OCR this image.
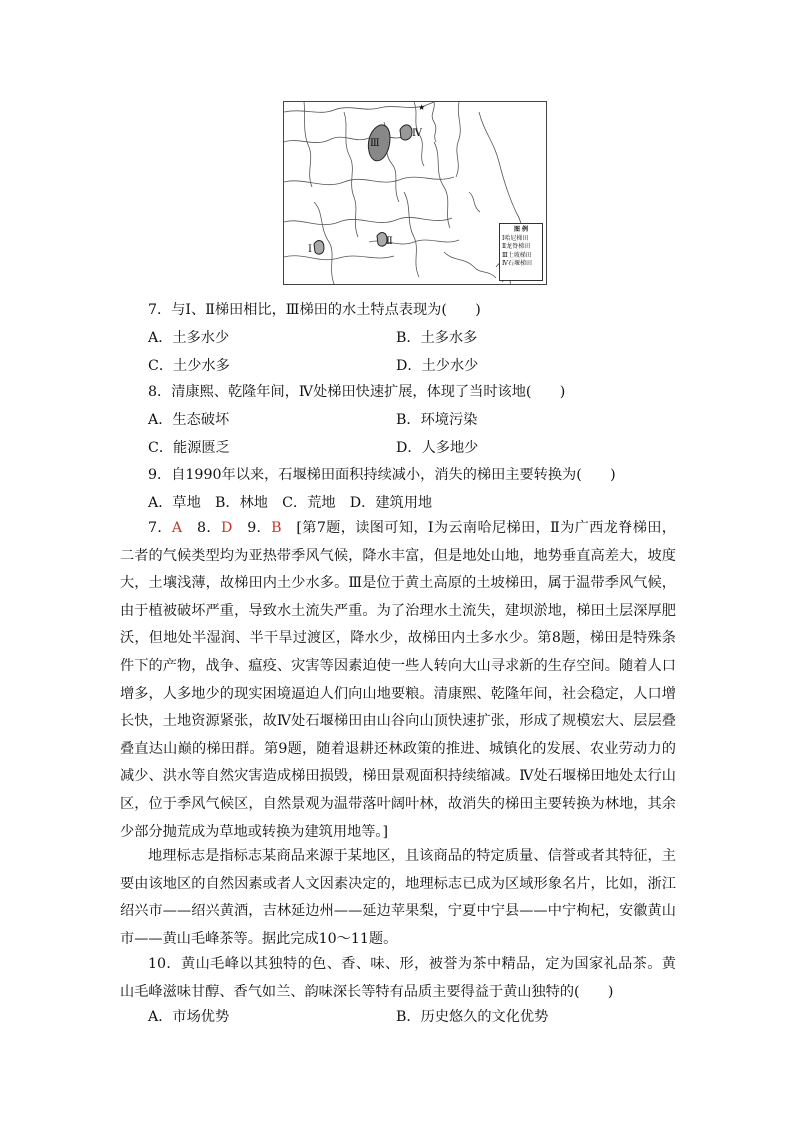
Ⅲ
Ⅳ
Ⅰ
Ⅱ
★
图 例
Ⅰ哈尼梯田
Ⅱ龙脊梯田
Ⅲ土坡梯田
Ⅳ石堰梯田
7．与Ⅰ、Ⅱ梯田相比，Ⅲ梯田的水土特点表现为(　　)
A．土多水少	B．土多水多
C．土少水多	D．土少水少
8．清康熙、乾隆年间，Ⅳ处梯田快速扩展，体现了当时该地(　　)
A．生态破坏	B．环境污染
C．能源匮乏	D．人多地少
9．自1990年以来，石堰梯田面积持续减小，消失的梯田主要转换为(　　)
A．草地　B．林地　C．荒地　D．建筑用地
7．A　8．D　9．B　[第7题，读图可知，Ⅰ为云南哈尼梯田，Ⅱ为广西龙脊梯田，二者的气候类型均为亚热带季风气候，降水丰富，但是地处山地，地势垂直高差大，坡度大，土壤浅薄，故梯田内土少水多。Ⅲ是位于黄土高原的土坡梯田，属于温带季风气候，由于植被破坏严重，导致水土流失严重。为了治理水土流失，建坝淤地，梯田土层深厚肥沃，但地处半湿润、半干旱过渡区，降水少，故梯田内土多水少。第8题，梯田是特殊条件下的产物，战争、瘟疫、灾害等因素迫使一些人转向大山寻求新的生存空间。随着人口增多，人多地少的现实困境逼迫人们向山地要粮。清康熙、乾隆年间，社会稳定，人口增长快，土地资源紧张，故Ⅳ处石堰梯田由山谷向山顶快速扩张，形成了规模宏大、层层叠叠直达山巅的梯田群。第9题，随着退耕还林政策的推进、城镇化的发展、农业劳动力的减少、洪水等自然灾害造成梯田损毁，梯田景观面积持续缩减。Ⅳ处石堰梯田地处太行山区，位于季风气候区，自然景观为温带落叶阔叶林，故消失的梯田主要转换为林地，其余少部分抛荒成为草地或转换为建筑用地等。]
地理标志是指标志某商品来源于某地区，且该商品的特定质量、信誉或者其特征，主要由该地区的自然因素或者人文因素决定的，地理标志已成为区域形象名片，比如，浙江绍兴市——绍兴黄酒，吉林延边州——延边苹果梨，宁夏中宁县——中宁枸杞，安徽黄山市——黄山毛峰茶等。据此完成10～11题。
10．黄山毛峰以其独特的色、香、味、形，被誉为茶中精品，定为国家礼品茶。黄山毛峰滋味甘醇、香气如兰、韵味深长等特有品质主要得益于黄山独特的(　　)
A．市场优势	B．历史悠久的文化优势
